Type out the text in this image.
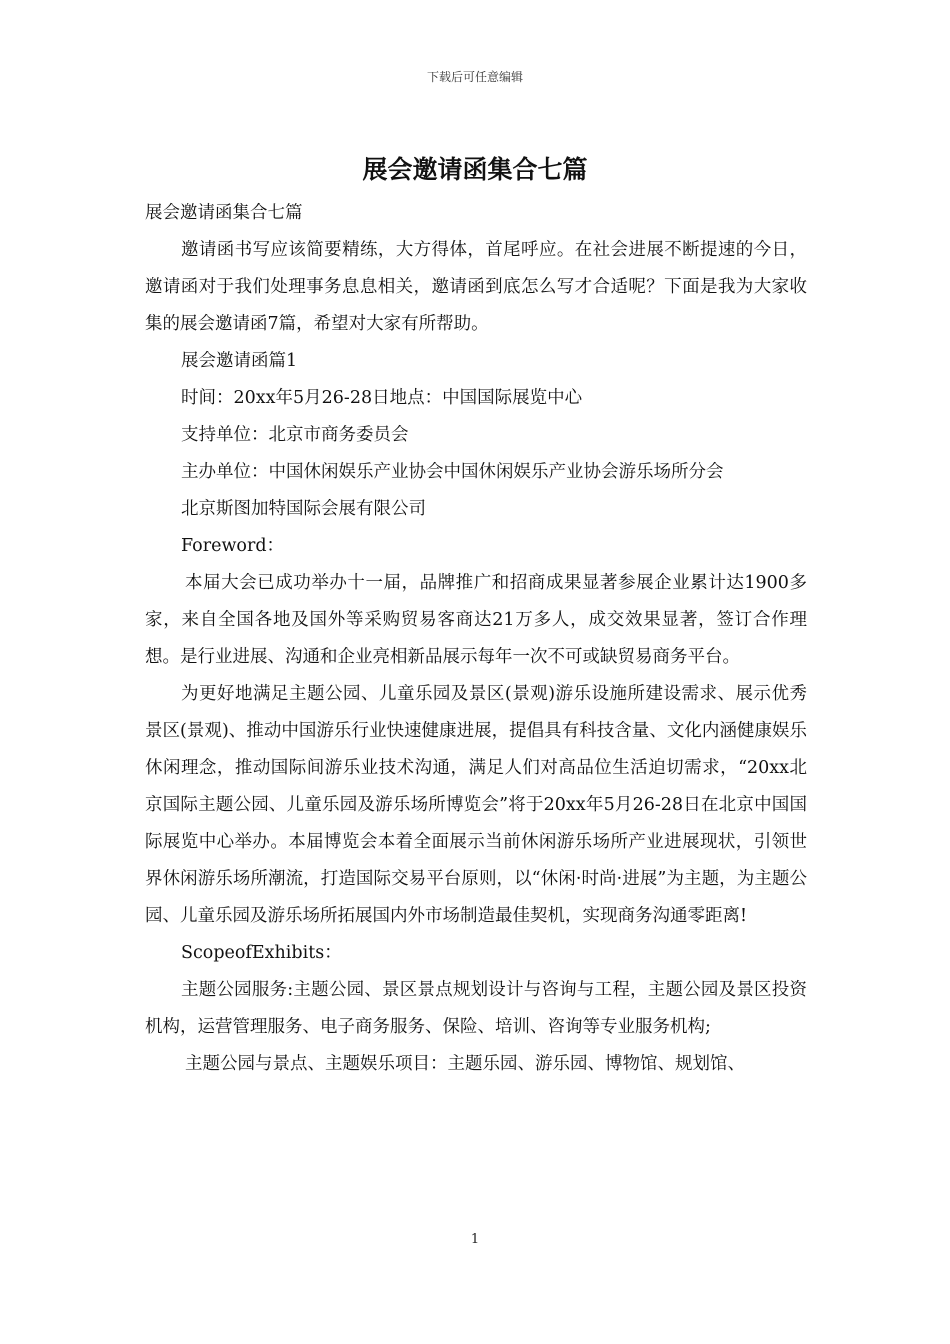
下载后可任意编辑
展会邀请函集合七篇

展会邀请函集合七篇

邀请函书写应该简要精练，大方得体，首尾呼应。在社会进展不断提速的今日，邀请函对于我们处理事务息息相关，邀请函到底怎么写才合适呢？下面是我为大家收集的展会邀请函7篇，希望对大家有所帮助。

展会邀请函篇1

时间：20xx年5月26-28日地点：中国国际展览中心

支持单位：北京市商务委员会

主办单位：中国休闲娱乐产业协会中国休闲娱乐产业协会游乐场所分会

北京斯图加特国际会展有限公司

Foreword：

本届大会已成功举办十一届，品牌推广和招商成果显著参展企业累计达1900多家，来自全国各地及国外等采购贸易客商达21万多人，成交效果显著，签订合作理想。是行业进展、沟通和企业亮相新品展示每年一次不可或缺贸易商务平台。

为更好地满足主题公园、儿童乐园及景区(景观)游乐设施所建设需求、展示优秀景区(景观)、推动中国游乐行业快速健康进展，提倡具有科技含量、文化内涵健康娱乐休闲理念，推动国际间游乐业技术沟通，满足人们对高品位生活迫切需求，“20xx北京国际主题公园、儿童乐园及游乐场所博览会”将于20xx年5月26-28日在北京中国国际展览中心举办。本届博览会本着全面展示当前休闲游乐场所产业进展现状，引领世界休闲游乐场所潮流，打造国际交易平台原则，以“休闲·时尚·进展”为主题，为主题公园、儿童乐园及游乐场所拓展国内外市场制造最佳契机，实现商务沟通零距离!

ScopeofExhibits：

主题公园服务:主题公园、景区景点规划设计与咨询与工程，主题公园及景区投资机构，运营管理服务、电子商务服务、保险、培训、咨询等专业服务机构;

主题公园与景点、主题娱乐项目：主题乐园、游乐园、博物馆、规划馆、

1
